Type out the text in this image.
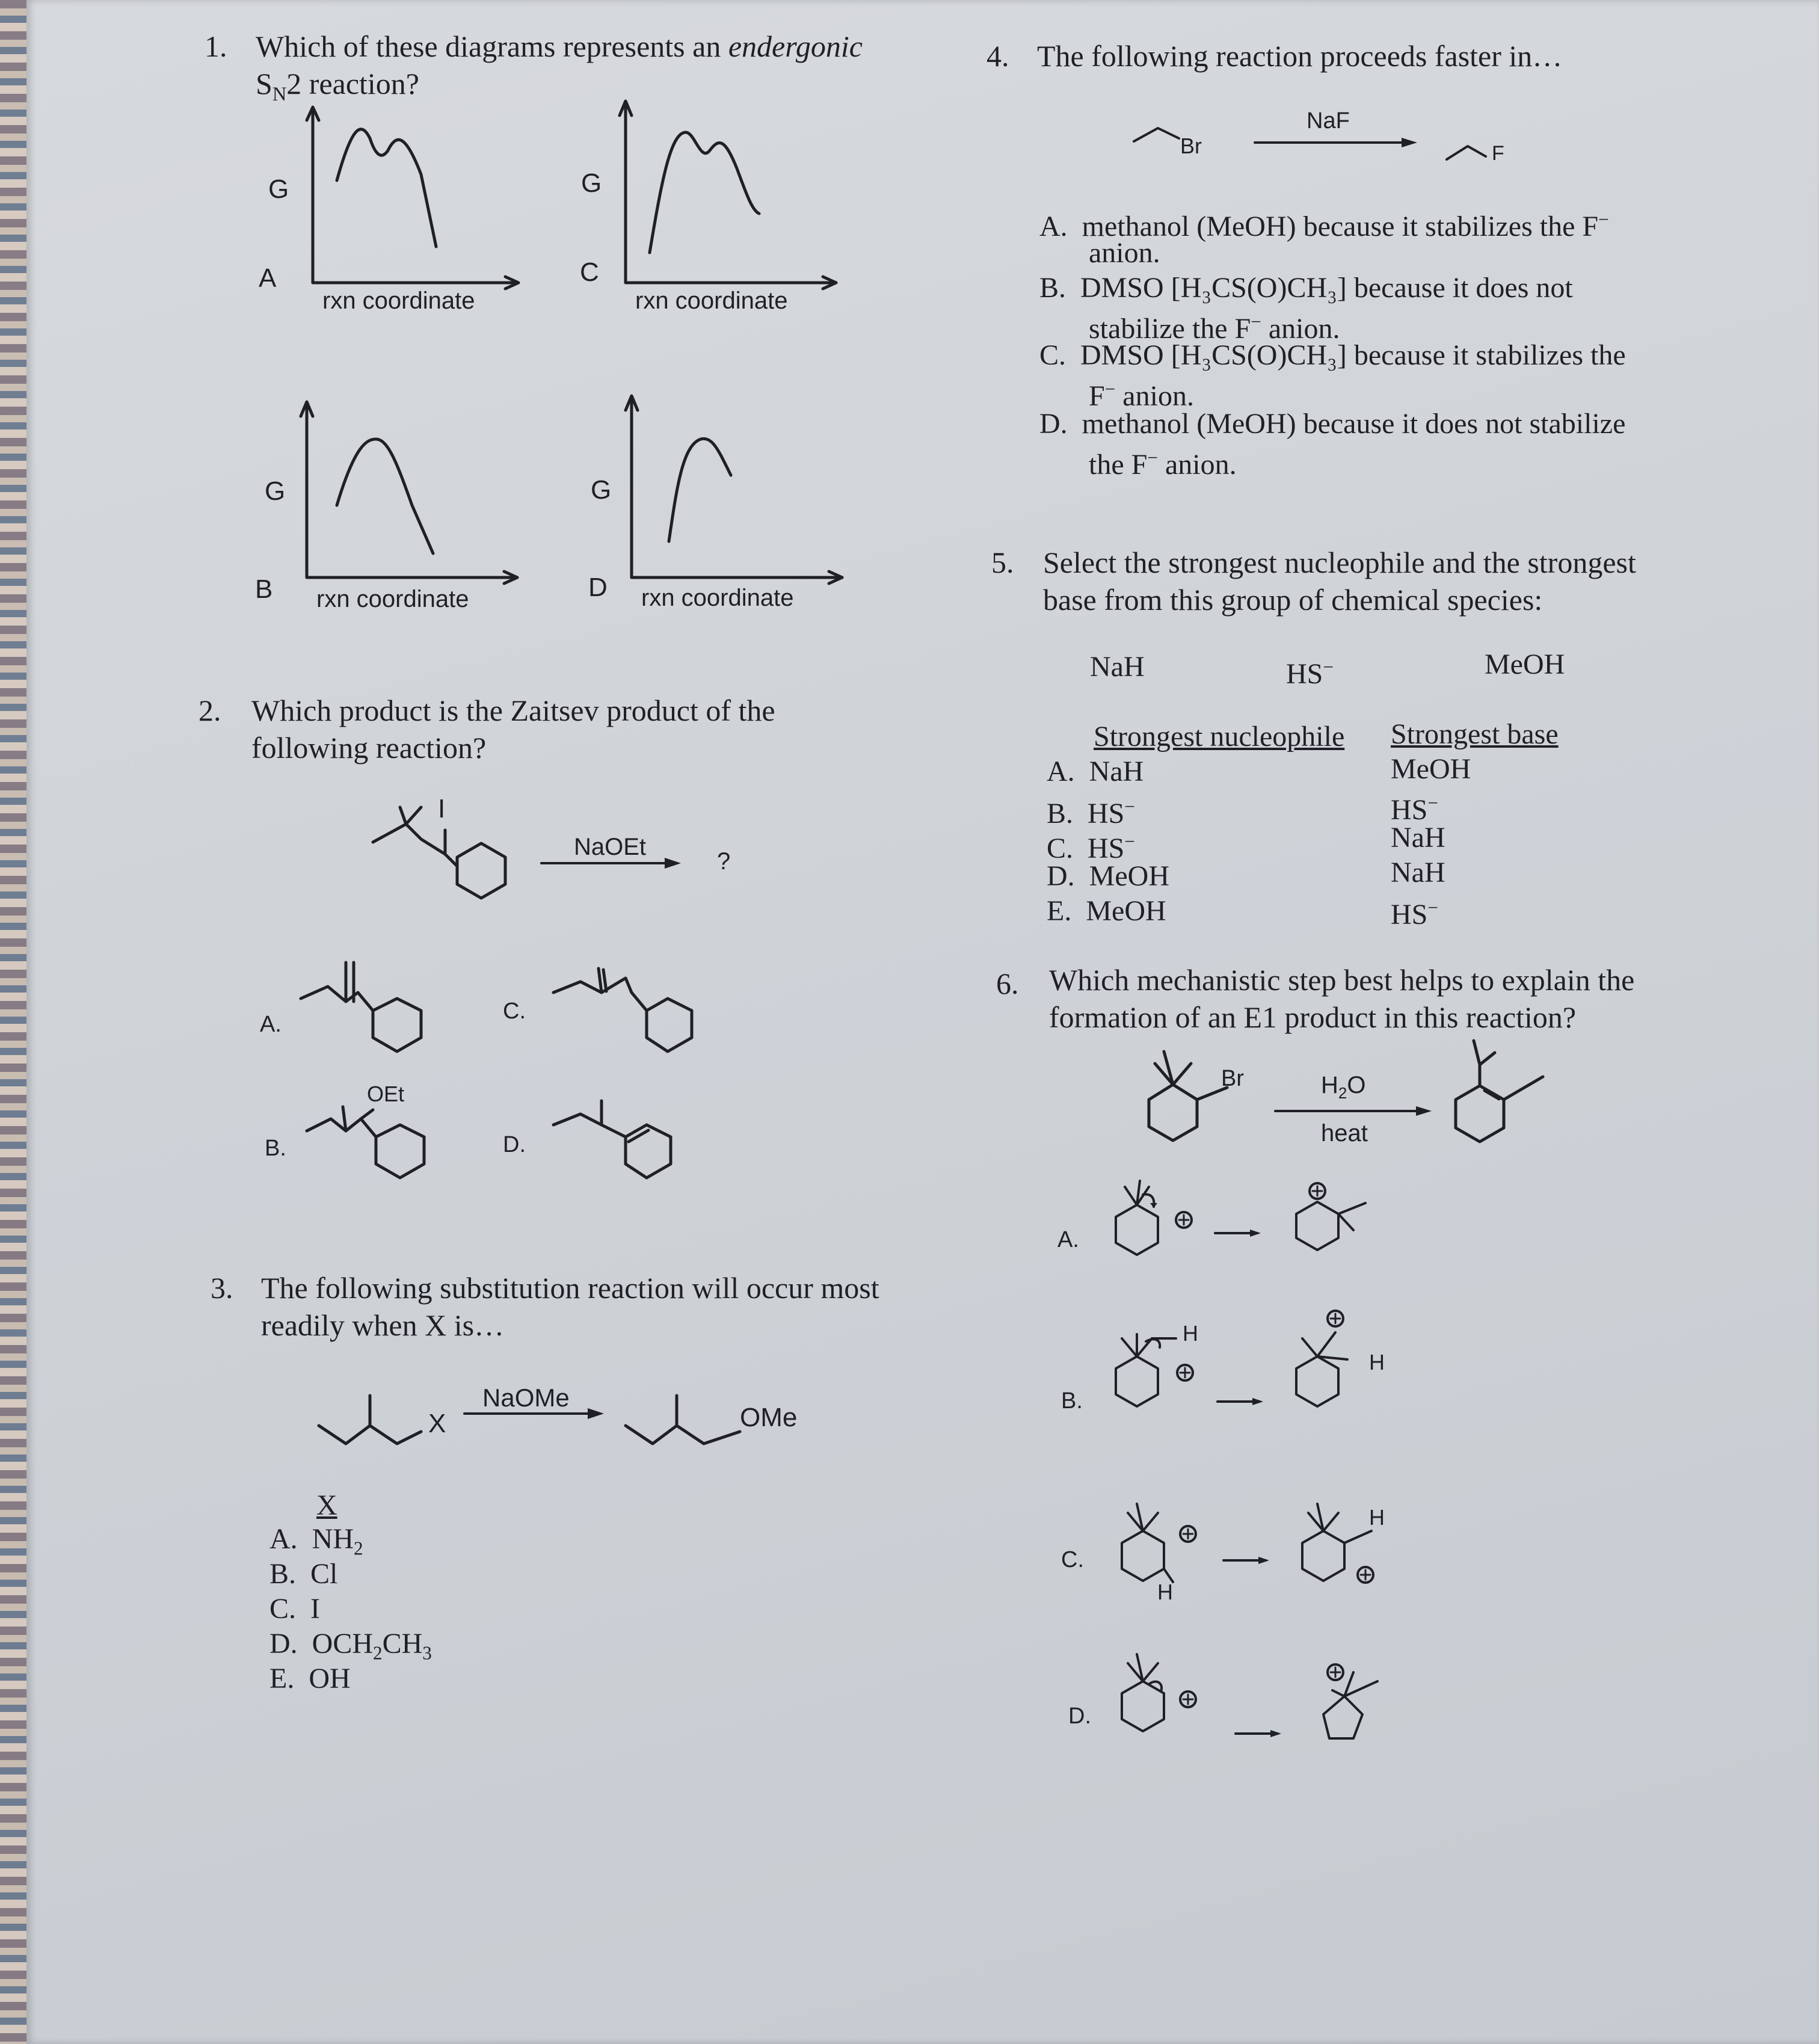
1. Which of these diagrams represents an endergonic
$S_N2$ reaction?
G
A
rxn coordinate
G
C
rxn coordinate
G
B rxn coordinate
G
D rxn coordinate
2. Which product is the Zaitsev product of the
following reaction?
I
NaOEt
?
A.
C.
B.
OEt
D.
3. The following substitution reaction will occur most
readily when X is…
X
NaOMe
OMe
X
A. $NH_2$
B. Cl
C. I
D. $OCH_2CH_3$
E. OH
4. The following reaction proceeds faster in…
Br
NaF
F
A. methanol (MeOH) because it stabilizes the F−
anion.
B. DMSO [H₃CS(O)CH₃] because it does not
stabilize the F− anion.
C. DMSO [H₃CS(O)CH₃] because it stabilizes the
F− anion.
D. methanol (MeOH) because it does not stabilize
the F− anion.
5. Select the strongest nucleophile and the strongest
base from this group of chemical species:
NaH	HS−	MeOH
Strongest nucleophile Strongest base
A. NaH	MeOH
B. HS−	HS−
C. HS−	NaH
D. MeOH	NaH
E. MeOH	HS−
6. Which mechanistic step best helps to explain the
formation of an E1 product in this reaction?
Br	$H_2O$
heat
A.
B.
H
H
C.
H
H
D.
